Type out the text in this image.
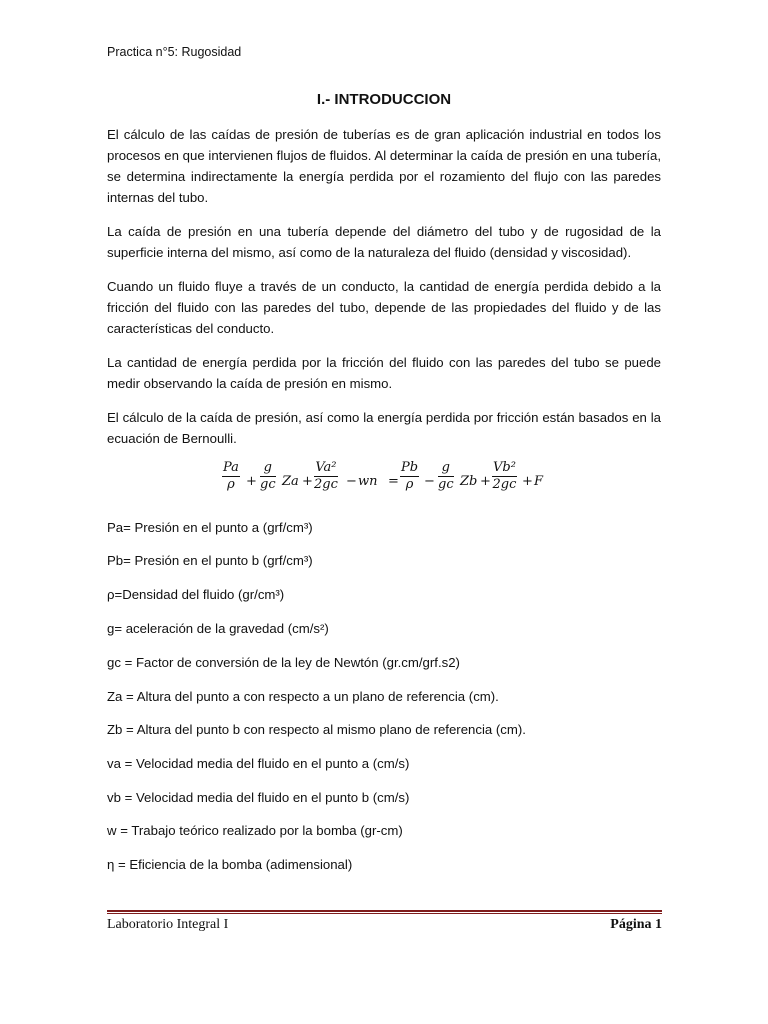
Practica n°5: Rugosidad
I.- INTRODUCCION
El cálculo de las caídas de presión de tuberías es de gran aplicación industrial en todos los procesos en que intervienen flujos de fluidos. Al determinar la caída de presión en una tubería, se determina indirectamente la energía perdida por el rozamiento del flujo con las paredes internas del tubo.
La caída de presión en una tubería depende del diámetro del tubo y de rugosidad de la superficie interna del mismo, así como de la naturaleza del fluido (densidad y viscosidad).
Cuando un fluido fluye a través de un conducto, la cantidad de energía perdida debido a la fricción del fluido con las paredes del tubo, depende de las propiedades del fluido y de las características del conducto.
La cantidad de energía perdida por la fricción del fluido con las paredes del tubo se puede medir observando la caída de presión en mismo.
El cálculo de la caída de presión, así como la energía perdida por fricción están basados en la ecuación de Bernoulli.
$\frac{Pa}{\rho} + \frac{g}{gc}$ $Za + \frac{\text{Va²}}{2gc}$ − wn = $\frac{Pb}{\rho} - \frac{g}{gc}$ $Zb + \frac{\text{Vb²}}{2gc} + F$
Pa= Presión en el punto a (grf/cm³)
Pb= Presión en el punto b (grf/cm³)
ρ=Densidad del fluido (gr/cm³)
g= aceleración de la gravedad (cm/s²)
gc = Factor de conversión de la ley de Newtón (gr.cm/grf.s2)
Za = Altura del punto a con respecto a un plano de referencia (cm).
Zb = Altura del punto b con respecto al mismo plano de referencia (cm).
va = Velocidad media del fluido en el punto a (cm/s)
vb = Velocidad media del fluido en el punto b (cm/s)
w = Trabajo teórico realizado por la bomba (gr-cm)
η = Eficiencia de la bomba (adimensional)
Laboratorio Integral I	Página 1
